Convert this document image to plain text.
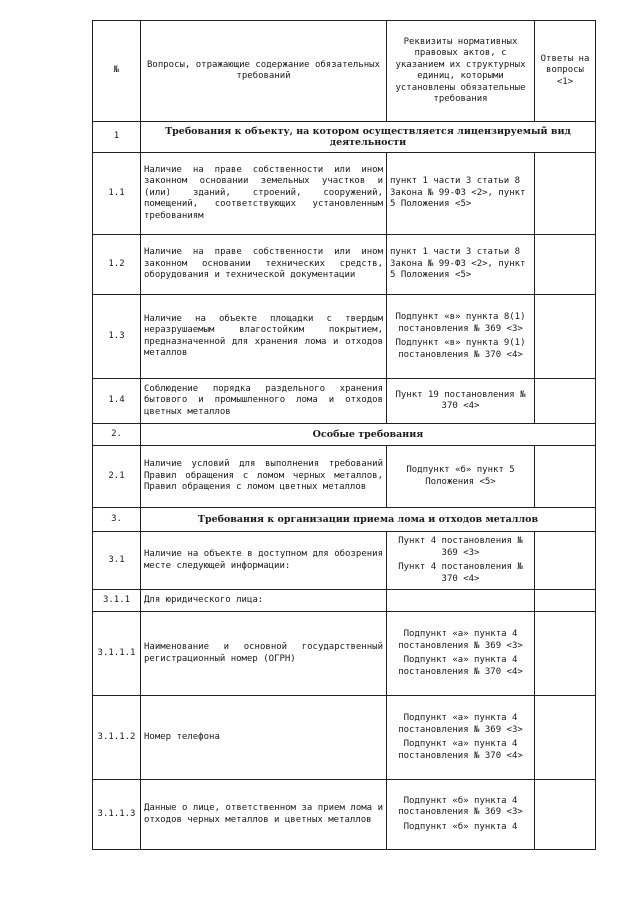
№	Вопросы, отражающие содержание обязательных требований	Реквизиты нормативных правовых актов, с указанием их структурных единиц, которыми установлены обязательные требования	Ответы на вопросы <1>
1	Требования к объекту, на котором осуществляется лицензируемый вид деятельности		
1.1	Наличие на праве собственности или ином законном основании земельных участков и (или) зданий, строений, сооружений, помещений, соответствующих установленным требованиям	пункт 1 части 3 статьи 8 Закона № 99-ФЗ <2>, пункт 5 Положения <5>	

1.2	Наличие на праве собственности или ином законном основании технических средств, оборудования и технической документации	пункт 1 части 3 статьи 8 Закона № 99-ФЗ <2>, пункт 5 Положения <5>	

1.3	Наличие на объекте площадки с твердым неразрушаемым влагостойким покрытием, предназначенной для хранения лома и отходов металлов	Подпункт «в» пункта 8(1) постановления № 369 <3>
Подпункт «в» пункта 9(1) постановления № 370 <4>	

1.4	Соблюдение порядка раздельного хранения бытового и промышленного лома и отходов цветных металлов	Пункт 19 постановления № 370 <4>	

2.	Особые требования		
2.1	Наличие условий для выполнения требований Правил обращения с ломом черных металлов, Правил обращения с ломом цветных металлов	Подпункт «б» пункт 5 Положения <5>	

3.	Требования к организации приема лома и отходов металлов		
3.1	Наличие на объекте в доступном для обозрения месте следующей информации:	Пункт 4 постановления № 369 <3>
Пункт 4 постановления № 370 <4>	

3.1.1	Для юридического лица:		
3.1.1.1	Наименование и основной государственный регистрационный номер (ОГРН)	Подпункт «а» пункта 4 постановления № 369 <3>
Подпункт «а» пункта 4 постановления № 370 <4>	

3.1.1.2	Номер телефона	Подпункт «а» пункта 4 постановления № 369 <3>
Подпункт «а» пункта 4 постановления № 370 <4>	

3.1.1.3	Данные о лице, ответственном за прием лома и отходов черных металлов и цветных металлов	Подпункт «б» пункта 4 постановления № 369 <3>
Подпункт «б» пункта 4	
